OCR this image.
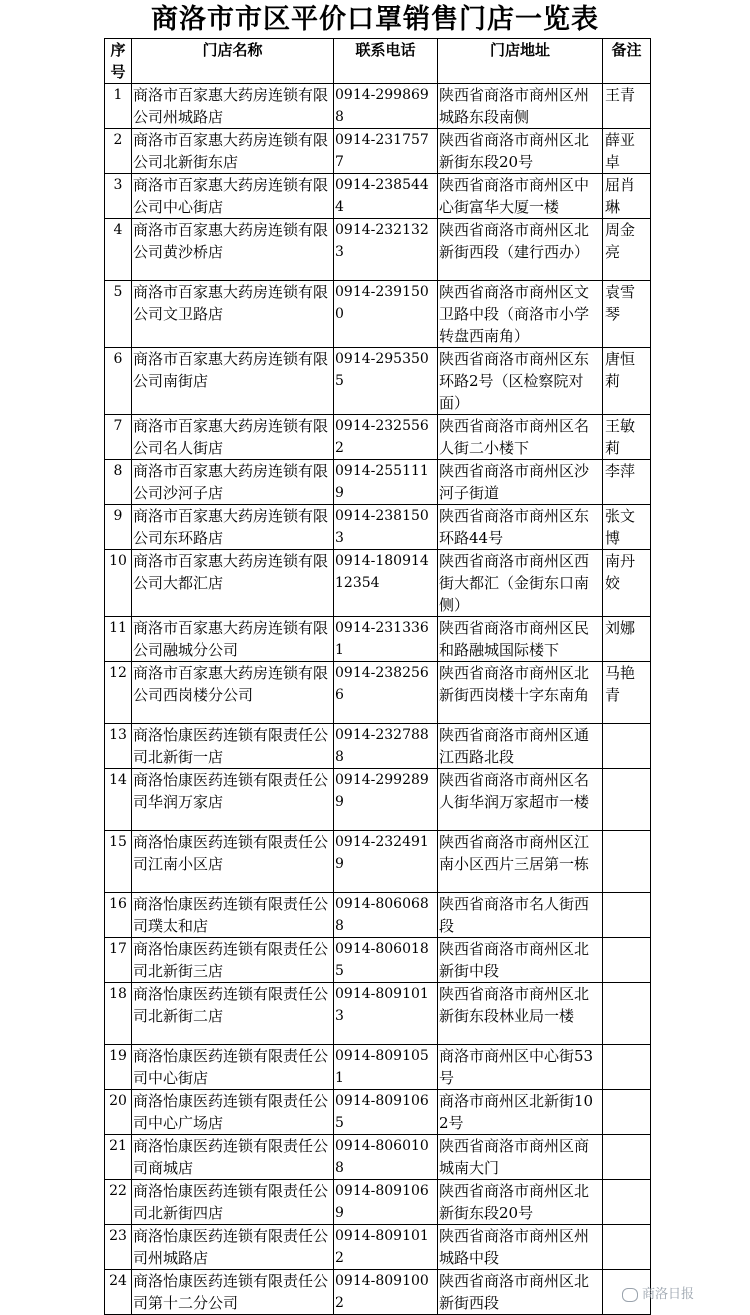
商洛市市区平价口罩销售门店一览表
序号	门店名称	联系电话	门店地址	备注
1	商洛市百家惠大药房连锁有限公司州城路店	0914-2998698	陕西省商洛市商州区州城路东段南侧	王青
2	商洛市百家惠大药房连锁有限公司北新街东店	0914-2317577	陕西省商洛市商州区北新街东段20号	薛亚卓
3	商洛市百家惠大药房连锁有限公司中心街店	0914-2385444	陕西省商洛市商州区中心街富华大厦一楼	屈肖琳
4	商洛市百家惠大药房连锁有限公司黄沙桥店	0914-2321323	陕西省商洛市商州区北新街西段（建行西办）	周金亮
5	商洛市百家惠大药房连锁有限公司文卫路店	0914-2391500	陕西省商洛市商州区文卫路中段（商洛市小学转盘西南角）	袁雪琴
6	商洛市百家惠大药房连锁有限公司南街店	0914-2953505	陕西省商洛市商州区东环路2号（区检察院对面）	唐恒莉
7	商洛市百家惠大药房连锁有限公司名人街店	0914-2325562	陕西省商洛市商州区名人街二小楼下	王敏莉
8	商洛市百家惠大药房连锁有限公司沙河子店	0914-2551119	陕西省商洛市商州区沙河子街道	李萍
9	商洛市百家惠大药房连锁有限公司东环路店	0914-2381503	陕西省商洛市商州区东环路44号	张文博
10	商洛市百家惠大药房连锁有限公司大都汇店	0914-18091412354	陕西省商洛市商州区西街大都汇（金街东口南侧）	南丹姣
11	商洛市百家惠大药房连锁有限公司融城分公司	0914-2313361	陕西省商洛市商州区民和路融城国际楼下	刘娜
12	商洛市百家惠大药房连锁有限公司西岗楼分公司	0914-2382566	陕西省商洛市商州区北新街西岗楼十字东南角	马艳青
13	商洛怡康医药连锁有限责任公司北新街一店	0914-2327888	陕西省商洛市商州区通江西路北段	
14	商洛怡康医药连锁有限责任公司华润万家店	0914-2992899	陕西省商洛市商州区名人街华润万家超市一楼	
15	商洛怡康医药连锁有限责任公司江南小区店	0914-2324919	陕西省商洛市商州区江南小区西片三居第一栋	
16	商洛怡康医药连锁有限责任公司璞太和店	0914-8060688	陕西省商洛市名人街西段	
17	商洛怡康医药连锁有限责任公司北新街三店	0914-8060185	陕西省商洛市商州区北新街中段	
18	商洛怡康医药连锁有限责任公司北新街二店	0914-8091013	陕西省商洛市商州区北新街东段林业局一楼	
19	商洛怡康医药连锁有限责任公司中心街店	0914-8091051	商洛市商州区中心街53号	
20	商洛怡康医药连锁有限责任公司中心广场店	0914-8091065	商洛市商州区北新街102号	
21	商洛怡康医药连锁有限责任公司商城店	0914-8060108	陕西省商洛市商州区商城南大门	
22	商洛怡康医药连锁有限责任公司北新街四店	0914-8091069	陕西省商洛市商州区北新街东段20号	
23	商洛怡康医药连锁有限责任公司州城路店	0914-8091012	陕西省商洛市商州区州城路中段	
24	商洛怡康医药连锁有限责任公司第十二分公司	0914-8091002	陕西省商洛市商州区北新街西段		商洛日报
